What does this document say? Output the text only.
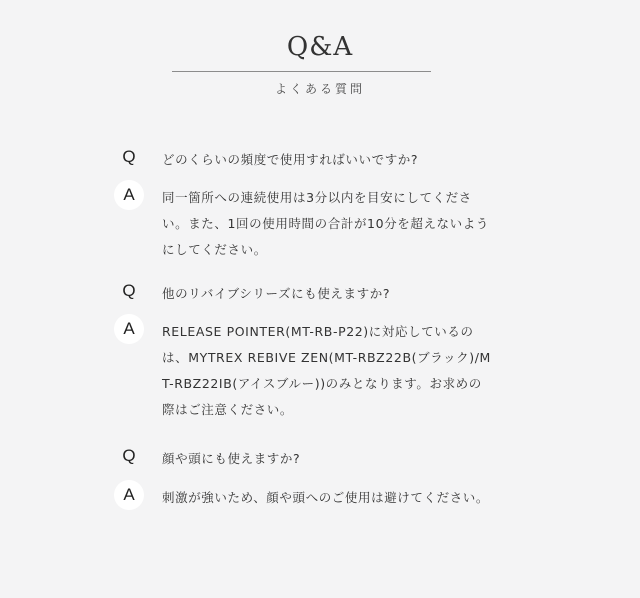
Q&A
よくある質問
Q	どのくらいの頻度で使用すればいいですか?
A	同一箇所への連続使用は3分以内を目安にしてください。また、1回の使用時間の合計が10分を超えないようにしてください。
Q	他のリバイブシリーズにも使えますか?
A	RELEASE POINTER(MT-RB-P22)に対応しているのは、MYTREX REBIVE ZEN(MT-RBZ22B(ブラック)/MT-RBZ22IB(アイスブルー))のみとなります。お求めの際はご注意ください。
Q	顔や頭にも使えますか?
A	刺激が強いため、顔や頭へのご使用は避けてください。
